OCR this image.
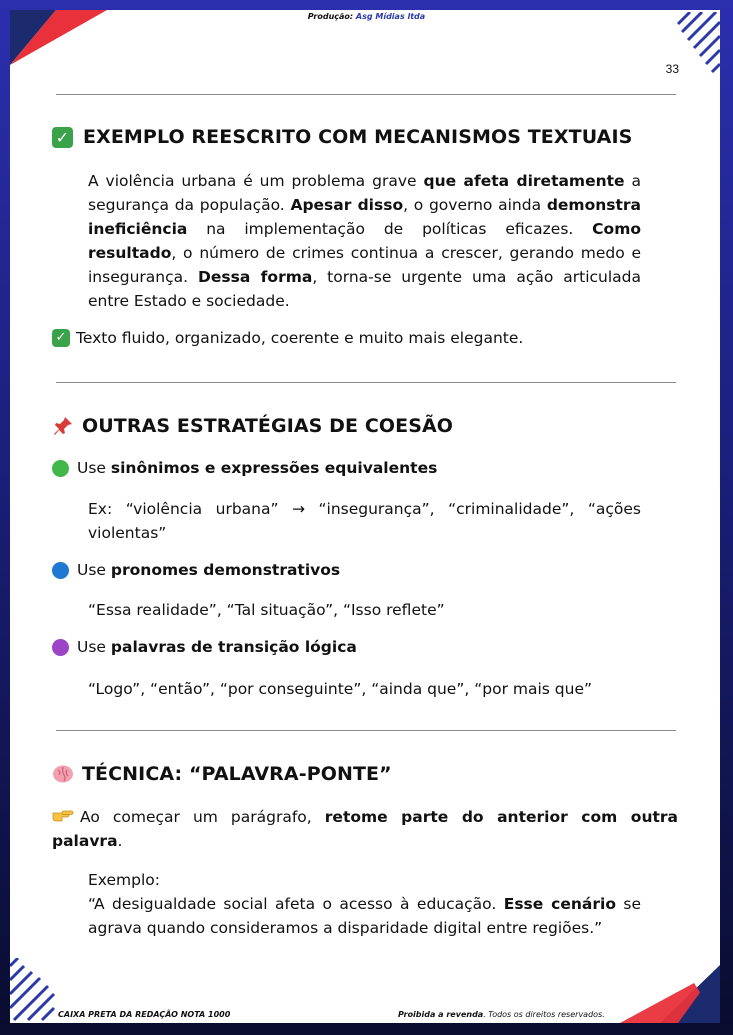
Produção: Asg Mídias ltda
33
✓ EXEMPLO REESCRITO COM MECANISMOS TEXTUAIS
A violência urbana é um problema grave que afeta diretamente a segurança da população. Apesar disso, o governo ainda demonstra ineficiência na implementação de políticas eficazes. Como resultado, o número de crimes continua a crescer, gerando medo e insegurança. Dessa forma, torna-se urgente uma ação articulada entre Estado e sociedade.
✓ Texto fluido, organizado, coerente e muito mais elegante.
OUTRAS ESTRATÉGIAS DE COESÃO
Use sinônimos e expressões equivalentes
Ex: “violência urbana” → “insegurança”, “criminalidade”, “ações violentas”
Use pronomes demonstrativos
“Essa realidade”, “Tal situação”, “Isso reflete”
Use palavras de transição lógica
“Logo”, “então”, “por conseguinte”, “ainda que”, “por mais que”
TÉCNICA: “PALAVRA-PONTE”
Ao começar um parágrafo, retome parte do anterior com outra palavra.
Exemplo:
“A desigualdade social afeta o acesso à educação. Esse cenário se agrava quando consideramos a disparidade digital entre regiões.”
CAIXA PRETA DA REDAÇÃO NOTA 1000	Proibida a revenda. Todos os direitos reservados.
